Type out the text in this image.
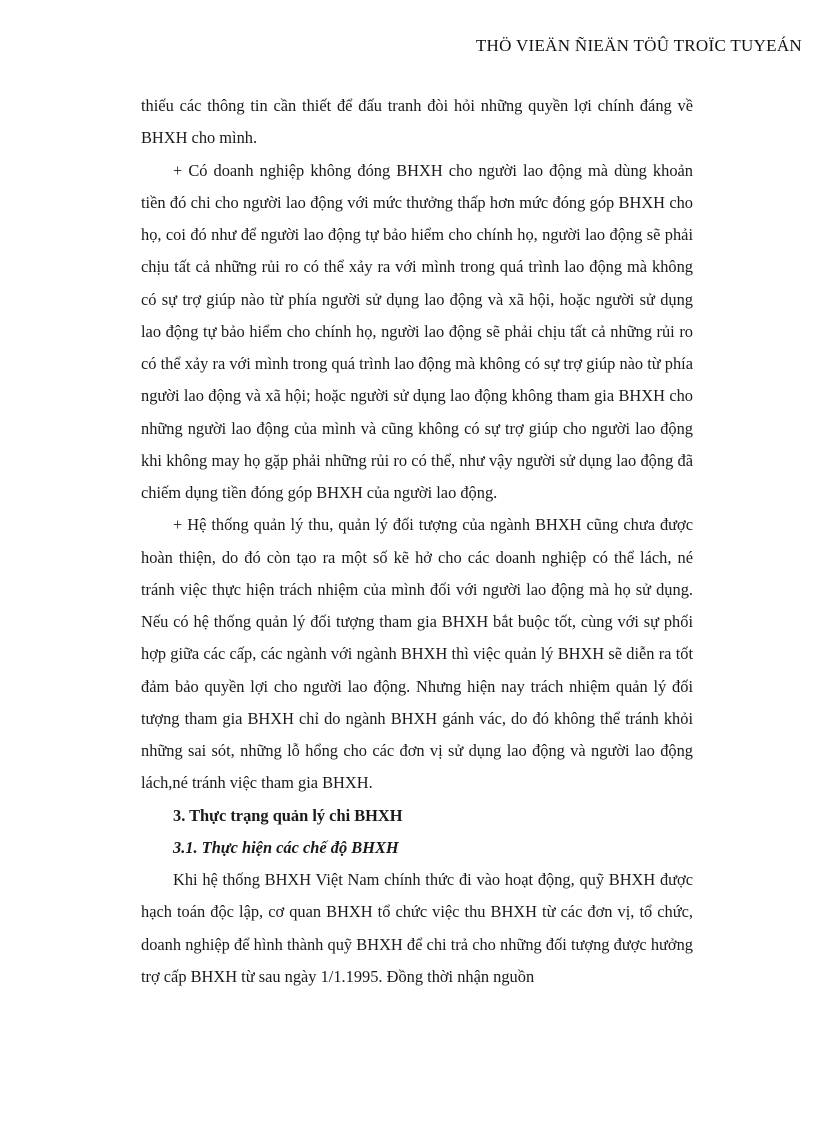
THÖ VIEÄN ÑIEÄN TÖÛ TROÏC TUYEÁN

thiếu các thông tin cần thiết để đấu tranh đòi hỏi những quyền lợi chính đáng về BHXH cho mình.

+ Có doanh nghiệp không đóng BHXH cho người lao động mà dùng khoản tiền đó chi cho người lao động với mức thưởng thấp hơn mức đóng góp BHXH cho họ, coi đó như để người lao động tự bảo hiểm cho chính họ, người lao động sẽ phải chịu tất cả những rủi ro có thể xảy ra với mình trong quá trình lao động mà không có sự trợ giúp nào từ phía người sử dụng lao động và xã hội, hoặc người sử dụng lao động tự bảo hiểm cho chính họ, người lao động sẽ phải chịu tất cả những rủi ro có thể xảy ra với mình trong quá trình lao động mà không có sự trợ giúp nào từ phía người lao động và xã hội; hoặc người sử dụng lao động không tham gia BHXH cho những người lao động của mình và cũng không có sự trợ giúp cho người lao động khi không may họ gặp phải những rủi ro có thể, như vậy người sử dụng lao động đã chiếm dụng tiền đóng góp BHXH của người lao động.

+ Hệ thống quản lý thu, quản lý đối tượng của ngành BHXH cũng chưa được hoàn thiện, do đó còn tạo ra một số kẽ hở cho các doanh nghiệp có thể lách, né tránh việc thực hiện trách nhiệm của mình đối với người lao động mà họ sử dụng. Nếu có hệ thống quản lý đối tượng tham gia BHXH bắt buộc tốt, cùng với sự phối hợp giữa các cấp, các ngành với ngành BHXH thì việc quản lý BHXH sẽ diễn ra tốt đảm bảo quyền lợi cho người lao động. Nhưng hiện nay trách nhiệm quản lý đối tượng tham gia BHXH chỉ do ngành BHXH gánh vác, do đó không thể tránh khỏi những sai sót, những lỗ hổng cho các đơn vị sử dụng lao động và người lao động lách,né tránh việc tham gia BHXH.

3. Thực trạng quản lý chi BHXH

3.1. Thực hiện các chế độ BHXH

Khi hệ thống BHXH Việt Nam chính thức đi vào hoạt động, quỹ BHXH được hạch toán độc lập, cơ quan BHXH tổ chức việc thu BHXH từ các đơn vị, tổ chức, doanh nghiệp để hình thành quỹ BHXH để chi trả cho những đối tượng được hưởng trợ cấp BHXH từ sau ngày 1/1.1995. Đồng thời nhận nguồn
